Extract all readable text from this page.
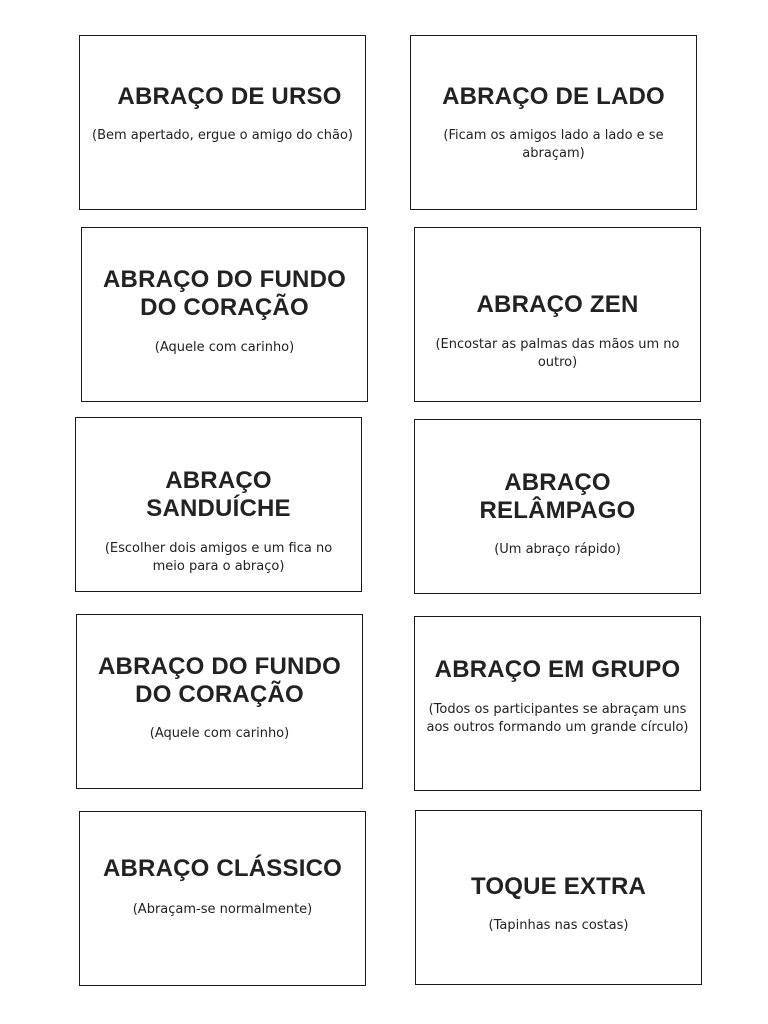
ABRAÇO DE URSO
(Bem apertado, ergue o amigo do chão)
ABRAÇO DE LADO
(Ficam os amigos lado a lado e se
abraçam)
ABRAÇO DO FUNDO
DO CORAÇÃO
(Aquele com carinho)
ABRAÇO ZEN
(Encostar as palmas das mãos um no
outro)
ABRAÇO
SANDUÍCHE
(Escolher dois amigos e um fica no
meio para o abraço)
ABRAÇO
RELÂMPAGO
(Um abraço rápido)
ABRAÇO DO FUNDO
DO CORAÇÃO
(Aquele com carinho)
ABRAÇO EM GRUPO
(Todos os participantes se abraçam uns
aos outros formando um grande círculo)
ABRAÇO CLÁSSICO
(Abraçam-se normalmente)
TOQUE EXTRA
(Tapinhas nas costas)
